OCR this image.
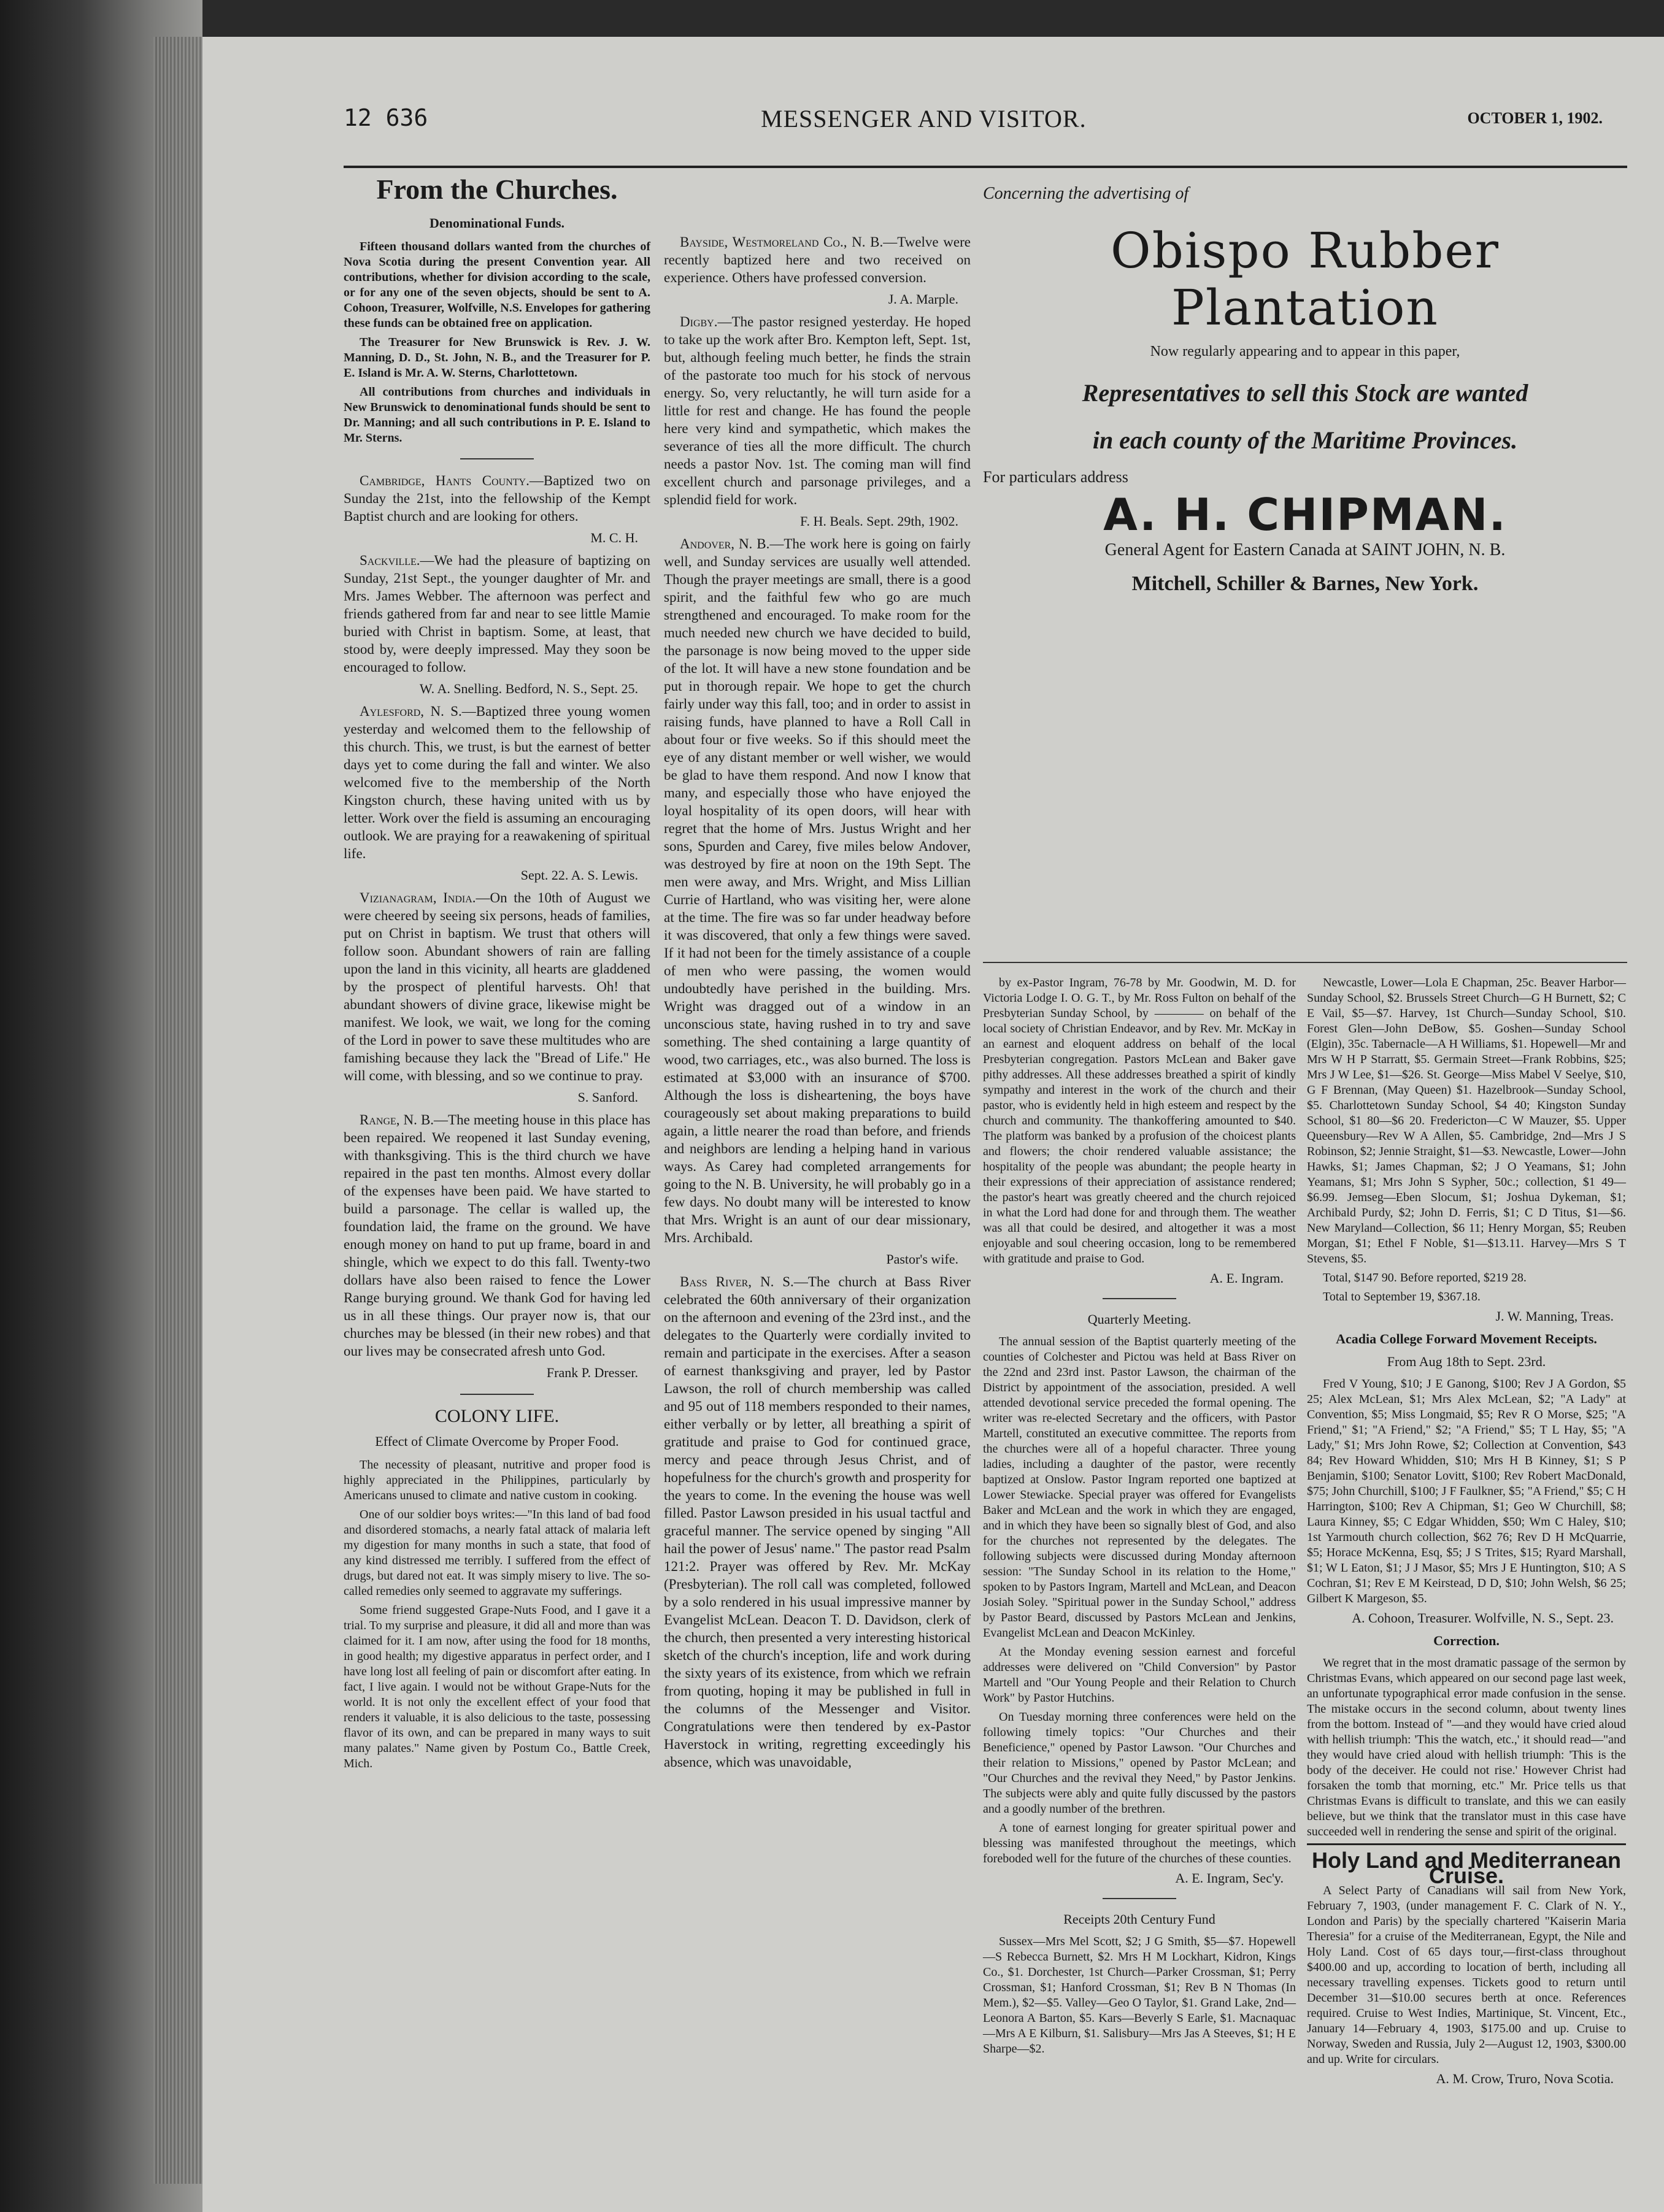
12 636	MESSENGER AND VISITOR.	OCTOBER 1, 1902.
From the Churches.
Denominational Funds.

Fifteen thousand dollars wanted from the churches of Nova Scotia during the present Convention year. All contributions, whether for division according to the scale, or for any one of the seven objects, should be sent to A. Cohoon, Treasurer, Wolfville, N.S. Envelopes for gathering these funds can be obtained free on application.

The Treasurer for New Brunswick is Rev. J. W. Manning, D. D., St. John, N. B., and the Treasurer for P. E. Island is Mr. A. W. Sterns, Charlottetown.

All contributions from churches and individuals in New Brunswick to denominational funds should be sent to Dr. Manning; and all such contributions in P. E. Island to Mr. Sterns.

Cambridge, Hants County.—Baptized two on Sunday the 21st, into the fellowship of the Kempt Baptist church and are looking for others.

M. C. H.

Sackville.—We had the pleasure of baptizing on Sunday, 21st Sept., the younger daughter of Mr. and Mrs. James Webber. The afternoon was perfect and friends gathered from far and near to see little Mamie buried with Christ in baptism. Some, at least, that stood by, were deeply impressed. May they soon be encouraged to follow.

W. A. Snelling. Bedford, N. S., Sept. 25.

Aylesford, N. S.—Baptized three young women yesterday and welcomed them to the fellowship of this church. This, we trust, is but the earnest of better days yet to come during the fall and winter. We also welcomed five to the membership of the North Kingston church, these having united with us by letter. Work over the field is assuming an encouraging outlook. We are praying for a reawakening of spiritual life.

Sept. 22. A. S. Lewis.

Vizianagram, India.—On the 10th of August we were cheered by seeing six persons, heads of families, put on Christ in baptism. We trust that others will follow soon. Abundant showers of rain are falling upon the land in this vicinity, all hearts are gladdened by the prospect of plentiful harvests. Oh! that abundant showers of divine grace, likewise might be manifest. We look, we wait, we long for the coming of the Lord in power to save these multitudes who are famishing because they lack the "Bread of Life." He will come, with blessing, and so we continue to pray.

S. Sanford.

Range, N. B.—The meeting house in this place has been repaired. We reopened it last Sunday evening, with thanksgiving. This is the third church we have repaired in the past ten months. Almost every dollar of the expenses have been paid. We have started to build a parsonage. The cellar is walled up, the foundation laid, the frame on the ground. We have enough money on hand to put up frame, board in and shingle, which we expect to do this fall. Twenty-two dollars have also been raised to fence the Lower Range burying ground. We thank God for having led us in all these things. Our prayer now is, that our churches may be blessed (in their new robes) and that our lives may be consecrated afresh unto God.

Frank P. Dresser.
COLONY LIFE.
Effect of Climate Overcome by Proper Food.

The necessity of pleasant, nutritive and proper food is highly appreciated in the Philippines, particularly by Americans unused to climate and native custom in cooking.

One of our soldier boys writes:—"In this land of bad food and disordered stomachs, a nearly fatal attack of malaria left my digestion for many months in such a state, that food of any kind distressed me terribly. I suffered from the effect of drugs, but dared not eat. It was simply misery to live. The so-called remedies only seemed to aggravate my sufferings.

Some friend suggested Grape-Nuts Food, and I gave it a trial. To my surprise and pleasure, it did all and more than was claimed for it. I am now, after using the food for 18 months, in good health; my digestive apparatus in perfect order, and I have long lost all feeling of pain or discomfort after eating. In fact, I live again. I would not be without Grape-Nuts for the world. It is not only the excellent effect of your food that renders it valuable, it is also delicious to the taste, possessing flavor of its own, and can be prepared in many ways to suit many palates." Name given by Postum Co., Battle Creek, Mich.

Bayside, Westmoreland Co., N. B.—Twelve were recently baptized here and two received on experience. Others have professed conversion.

J. A. Marple.

Digby.—The pastor resigned yesterday. He hoped to take up the work after Bro. Kempton left, Sept. 1st, but, although feeling much better, he finds the strain of the pastorate too much for his stock of nervous energy. So, very reluctantly, he will turn aside for a little for rest and change. He has found the people here very kind and sympathetic, which makes the severance of ties all the more difficult. The church needs a pastor Nov. 1st. The coming man will find excellent church and parsonage privileges, and a splendid field for work.

F. H. Beals. Sept. 29th, 1902.

Andover, N. B.—The work here is going on fairly well, and Sunday services are usually well attended. Though the prayer meetings are small, there is a good spirit, and the faithful few who go are much strengthened and encouraged. To make room for the much needed new church we have decided to build, the parsonage is now being moved to the upper side of the lot. It will have a new stone foundation and be put in thorough repair. We hope to get the church fairly under way this fall, too; and in order to assist in raising funds, have planned to have a Roll Call in about four or five weeks. So if this should meet the eye of any distant member or well wisher, we would be glad to have them respond. And now I know that many, and especially those who have enjoyed the loyal hospitality of its open doors, will hear with regret that the home of Mrs. Justus Wright and her sons, Spurden and Carey, five miles below Andover, was destroyed by fire at noon on the 19th Sept. The men were away, and Mrs. Wright, and Miss Lillian Currie of Hartland, who was visiting her, were alone at the time. The fire was so far under headway before it was discovered, that only a few things were saved. If it had not been for the timely assistance of a couple of men who were passing, the women would undoubtedly have perished in the building. Mrs. Wright was dragged out of a window in an unconscious state, having rushed in to try and save something. The shed containing a large quantity of wood, two carriages, etc., was also burned. The loss is estimated at $3,000 with an insurance of $700. Although the loss is disheartening, the boys have courageously set about making preparations to build again, a little nearer the road than before, and friends and neighbors are lending a helping hand in various ways. As Carey had completed arrangements for going to the N. B. University, he will probably go in a few days. No doubt many will be interested to know that Mrs. Wright is an aunt of our dear missionary, Mrs. Archibald.

Pastor's wife.

Bass River, N. S.—The church at Bass River celebrated the 60th anniversary of their organization on the afternoon and evening of the 23rd inst., and the delegates to the Quarterly were cordially invited to remain and participate in the exercises. After a season of earnest thanksgiving and prayer, led by Pastor Lawson, the roll of church membership was called and 95 out of 118 members responded to their names, either verbally or by letter, all breathing a spirit of gratitude and praise to God for continued grace, mercy and peace through Jesus Christ, and of hopefulness for the church's growth and prosperity for the years to come. In the evening the house was well filled. Pastor Lawson presided in his usual tactful and graceful manner. The service opened by singing "All hail the power of Jesus' name." The pastor read Psalm 121:2. Prayer was offered by Rev. Mr. McKay (Presbyterian). The roll call was completed, followed by a solo rendered in his usual impressive manner by Evangelist McLean. Deacon T. D. Davidson, clerk of the church, then presented a very interesting historical sketch of the church's inception, life and work during the sixty years of its existence, from which we refrain from quoting, hoping it may be published in full in the columns of the Messenger and Visitor. Congratulations were then tendered by ex-Pastor Haverstock in writing, regretting exceedingly his absence, which was unavoidable,

Concerning the advertising of
Obispo Rubber Plantation
Now regularly appearing and to appear in this paper,
Representatives to sell this Stock are wanted
in each county of the Maritime Provinces.
For particulars address
A. H. CHIPMAN.
General Agent for Eastern Canada at SAINT JOHN, N. B.
Mitchell, Schiller & Barnes, New York.

by ex-Pastor Ingram, 76-78 by Mr. Goodwin, M. D. for Victoria Lodge I. O. G. T., by Mr. Ross Fulton on behalf of the Presbyterian Sunday School, by ———— on behalf of the local society of Christian Endeavor, and by Rev. Mr. McKay in an earnest and eloquent address on behalf of the local Presbyterian congregation. Pastors McLean and Baker gave pithy addresses. All these addresses breathed a spirit of kindly sympathy and interest in the work of the church and their pastor, who is evidently held in high esteem and respect by the church and community. The thankoffering amounted to $40. The platform was banked by a profusion of the choicest plants and flowers; the choir rendered valuable assistance; the hospitality of the people was abundant; the people hearty in their expressions of their appreciation of assistance rendered; the pastor's heart was greatly cheered and the church rejoiced in what the Lord had done for and through them. The weather was all that could be desired, and altogether it was a most enjoyable and soul cheering occasion, long to be remembered with gratitude and praise to God.

A. E. Ingram.
Quarterly Meeting.

The annual session of the Baptist quarterly meeting of the counties of Colchester and Pictou was held at Bass River on the 22nd and 23rd inst. Pastor Lawson, the chairman of the District by appointment of the association, presided. A well attended devotional service preceded the formal opening. The writer was re-elected Secretary and the officers, with Pastor Martell, constituted an executive committee. The reports from the churches were all of a hopeful character. Three young ladies, including a daughter of the pastor, were recently baptized at Onslow. Pastor Ingram reported one baptized at Lower Stewiacke. Special prayer was offered for Evangelists Baker and McLean and the work in which they are engaged, and in which they have been so signally blest of God, and also for the churches not represented by the delegates. The following subjects were discussed during Monday afternoon session: "The Sunday School in its relation to the Home," spoken to by Pastors Ingram, Martell and McLean, and Deacon Josiah Soley. "Spiritual power in the Sunday School," address by Pastor Beard, discussed by Pastors McLean and Jenkins, Evangelist McLean and Deacon McKinley.

At the Monday evening session earnest and forceful addresses were delivered on "Child Conversion" by Pastor Martell and "Our Young People and their Relation to Church Work" by Pastor Hutchins.

On Tuesday morning three conferences were held on the following timely topics: "Our Churches and their Beneficience," opened by Pastor Lawson. "Our Churches and their relation to Missions," opened by Pastor McLean; and "Our Churches and the revival they Need," by Pastor Jenkins. The subjects were ably and quite fully discussed by the pastors and a goodly number of the brethren.

A tone of earnest longing for greater spiritual power and blessing was manifested throughout the meetings, which foreboded well for the future of the churches of these counties.

A. E. Ingram, Sec'y.
Receipts 20th Century Fund

Sussex—Mrs Mel Scott, $2; J G Smith, $5—$7. Hopewell—S Rebecca Burnett, $2. Mrs H M Lockhart, Kidron, Kings Co., $1. Dorchester, 1st Church—Parker Crossman, $1; Perry Crossman, $1; Hanford Crossman, $1; Rev B N Thomas (In Mem.), $2—$5. Valley—Geo O Taylor, $1. Grand Lake, 2nd—Leonora A Barton, $5. Kars—Beverly S Earle, $1. Macnaquac—Mrs A E Kilburn, $1. Salisbury—Mrs Jas A Steeves, $1; H E Sharpe—$2.

Newcastle, Lower—Lola E Chapman, 25c. Beaver Harbor—Sunday School, $2. Brussels Street Church—G H Burnett, $2; C E Vail, $5—$7. Harvey, 1st Church—Sunday School, $10. Forest Glen—John DeBow, $5. Goshen—Sunday School (Elgin), 35c. Tabernacle—A H Williams, $1. Hopewell—Mr and Mrs W H P Starratt, $5. Germain Street—Frank Robbins, $25; Mrs J W Lee, $1—$26. St. George—Miss Mabel V Seelye, $10, G F Brennan, (May Queen) $1. Hazelbrook—Sunday School, $5. Charlottetown Sunday School, $4 40; Kingston Sunday School, $1 80—$6 20. Fredericton—C W Mauzer, $5. Upper Queensbury—Rev W A Allen, $5. Cambridge, 2nd—Mrs J S Robinson, $2; Jennie Straight, $1—$3. Newcastle, Lower—John Hawks, $1; James Chapman, $2; J O Yeamans, $1; John Yeamans, $1; Mrs John S Sypher, 50c.; collection, $1 49—$6.99. Jemseg—Eben Slocum, $1; Joshua Dykeman, $1; Archibald Purdy, $2; John D. Ferris, $1; C D Titus, $1—$6. New Maryland—Collection, $6 11; Henry Morgan, $5; Reuben Morgan, $1; Ethel F Noble, $1—$13.11. Harvey—Mrs S T Stevens, $5.

Total, $147 90. Before reported, $219 28.

Total to September 19, $367.18.

J. W. Manning, Treas.
Acadia College Forward Movement Receipts.
From Aug 18th to Sept. 23rd.

Fred V Young, $10; J E Ganong, $100; Rev J A Gordon, $5 25; Alex McLean, $1; Mrs Alex McLean, $2; "A Lady" at Convention, $5; Miss Longmaid, $5; Rev R O Morse, $25; "A Friend," $1; "A Friend," $2; "A Friend," $5; T L Hay, $5; "A Lady," $1; Mrs John Rowe, $2; Collection at Convention, $43 84; Rev Howard Whidden, $10; Mrs H B Kinney, $1; S P Benjamin, $100; Senator Lovitt, $100; Rev Robert MacDonald, $75; John Churchill, $100; J F Faulkner, $5; "A Friend," $5; C H Harrington, $100; Rev A Chipman, $1; Geo W Churchill, $8; Laura Kinney, $5; C Edgar Whidden, $50; Wm C Haley, $10; 1st Yarmouth church collection, $62 76; Rev D H McQuarrie, $5; Horace McKenna, Esq, $5; J S Trites, $15; Ryard Marshall, $1; W L Eaton, $1; J J Masor, $5; Mrs J E Huntington, $10; A S Cochran, $1; Rev E M Keirstead, D D, $10; John Welsh, $6 25; Gilbert K Margeson, $5.

A. Cohoon, Treasurer. Wolfville, N. S., Sept. 23.
Correction.

We regret that in the most dramatic passage of the sermon by Christmas Evans, which appeared on our second page last week, an unfortunate typographical error made confusion in the sense. The mistake occurs in the second column, about twenty lines from the bottom. Instead of "—and they would have cried aloud with hellish triumph: 'This the watch, etc.,' it should read—"and they would have cried aloud with hellish triumph: 'This is the body of the deceiver. He could not rise.' However Christ had forsaken the tomb that morning, etc." Mr. Price tells us that Christmas Evans is difficult to translate, and this we can easily believe, but we think that the translator must in this case have succeeded well in rendering the sense and spirit of the original.

Holy Land and Mediterranean Cruise.

A Select Party of Canadians will sail from New York, February 7, 1903, (under management F. C. Clark of N. Y., London and Paris) by the specially chartered "Kaiserin Maria Theresia" for a cruise of the Mediterranean, Egypt, the Nile and Holy Land. Cost of 65 days tour,—first-class throughout $400.00 and up, according to location of berth, including all necessary travelling expenses. Tickets good to return until December 31—$10.00 secures berth at once. References required. Cruise to West Indies, Martinique, St. Vincent, Etc., January 14—February 4, 1903, $175.00 and up. Cruise to Norway, Sweden and Russia, July 2—August 12, 1903, $300.00 and up. Write for circulars.

A. M. Crow, Truro, Nova Scotia.
